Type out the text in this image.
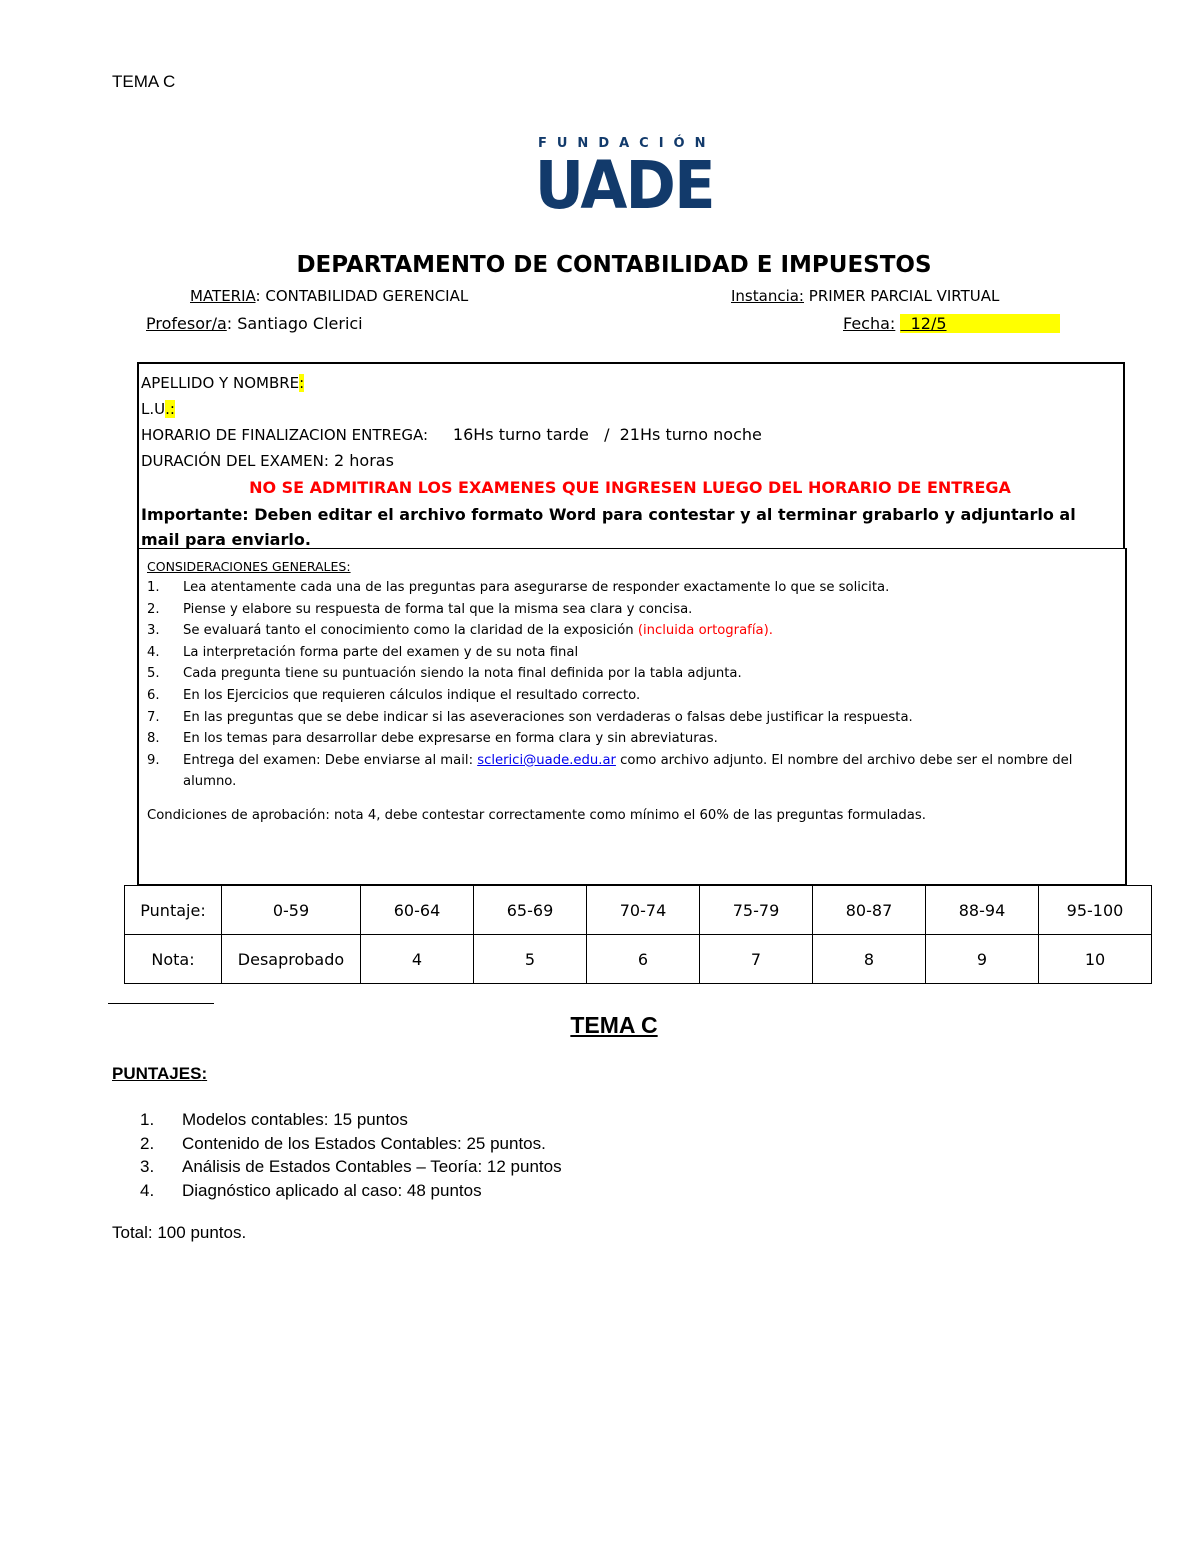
TEMA C
FUNDACIÓN
UADE
DEPARTAMENTO DE CONTABILIDAD E IMPUESTOS
MATERIA: CONTABILIDAD GERENCIAL	Instancia: PRIMER PARCIAL VIRTUAL
Profesor/a: Santiago Clerici	Fecha:   12/5
APELLIDO Y NOMBRE:
L.U.:
HORARIO DE FINALIZACION ENTREGA: 16Hs turno tarde   /  21Hs turno noche
DURACIÓN DEL EXAMEN: 2 horas
NO SE ADMITIRAN LOS EXAMENES QUE INGRESEN LUEGO DEL HORARIO DE ENTREGA
Importante: Deben editar el archivo formato Word para contestar y al terminar grabarlo y adjuntarlo al mail para enviarlo.
CONSIDERACIONES GENERALES:
1.	Lea atentamente cada una de las preguntas para asegurarse de responder exactamente lo que se solicita.
2.	Piense y elabore su respuesta de forma tal que la misma sea clara y concisa.
3.	Se evaluará tanto el conocimiento como la claridad de la exposición (incluida ortografía).
4.	La interpretación forma parte del examen y de su nota final
5.	Cada pregunta tiene su puntuación siendo la nota final definida por la tabla adjunta.
6.	En los Ejercicios que requieren cálculos indique el resultado correcto.
7.	En las preguntas que se debe indicar si las aseveraciones son verdaderas o falsas debe justificar la respuesta.
8.	En los temas para desarrollar debe expresarse en forma clara y sin abreviaturas.
9.	Entrega del examen: Debe enviarse al mail: sclerici@uade.edu.ar como archivo adjunto. El nombre del archivo debe ser el nombre del alumno.
Condiciones de aprobación: nota 4, debe contestar correctamente como mínimo el 60% de las preguntas formuladas.
Puntaje:	0-59	60-64	65-69	70-74	75-79	80-87	88-94	95-100
Nota:	Desaprobado	4	5	6	7	8	9	10
TEMA C
PUNTAJES:
1.	Modelos contables: 15 puntos
2.	Contenido de los Estados Contables: 25 puntos.
3.	Análisis de Estados Contables – Teoría: 12 puntos
4.	Diagnóstico aplicado al caso: 48 puntos
Total: 100 puntos.
